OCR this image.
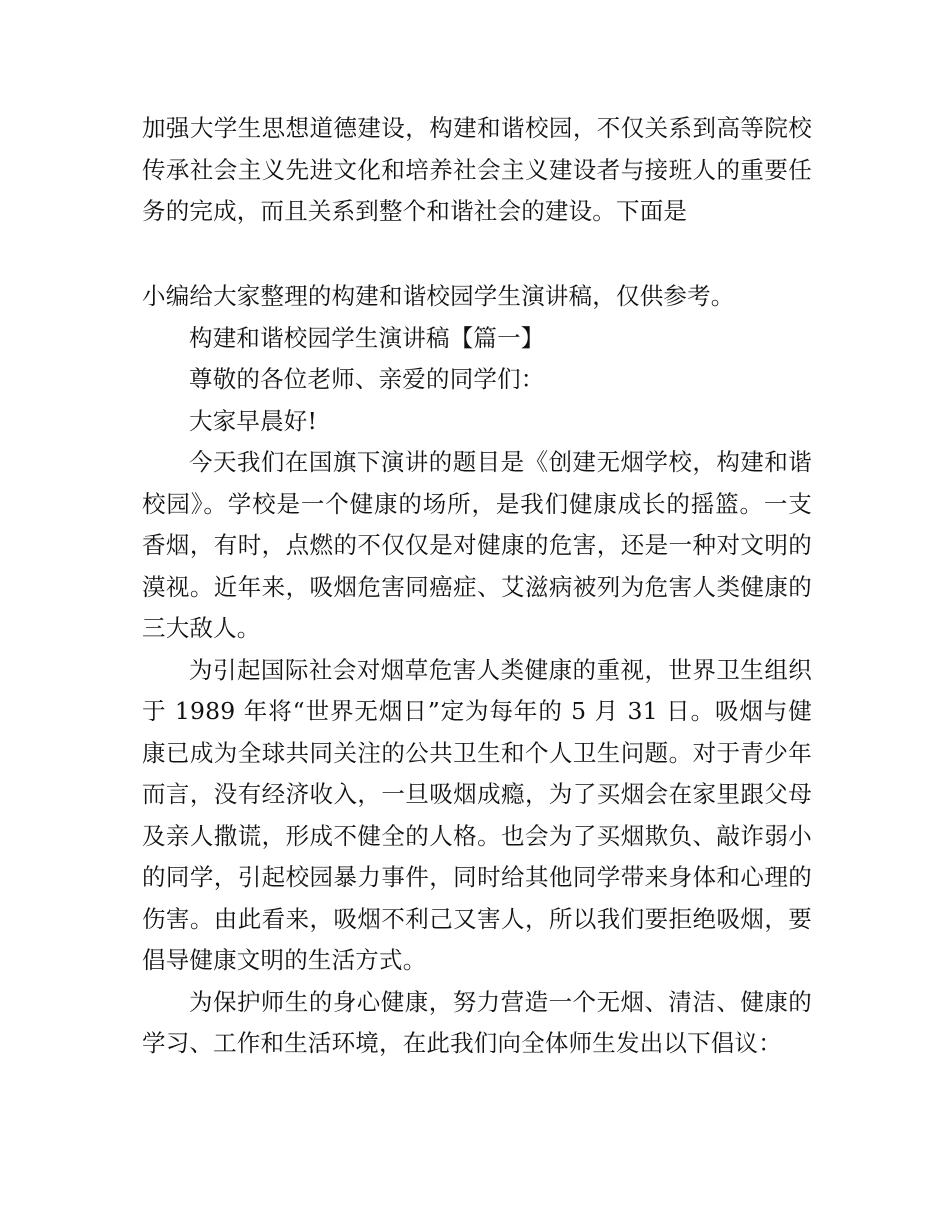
加强大学生思想道德建设，构建和谐校园，不仅关系到高等院校传承社会主义先进文化和培养社会主义建设者与接班人的重要任务的完成，而且关系到整个和谐社会的建设。下面是

小编给大家整理的构建和谐校园学生演讲稿，仅供参考。

构建和谐校园学生演讲稿【篇一】

尊敬的各位老师、亲爱的同学们：

大家早晨好!

今天我们在国旗下演讲的题目是《创建无烟学校，构建和谐校园》。学校是一个健康的场所，是我们健康成长的摇篮。一支香烟，有时，点燃的不仅仅是对健康的危害，还是一种对文明的漠视。近年来，吸烟危害同癌症、艾滋病被列为危害人类健康的三大敌人。

为引起国际社会对烟草危害人类健康的重视，世界卫生组织于 1989 年将“世界无烟日”定为每年的 5 月 31 日。吸烟与健康已成为全球共同关注的公共卫生和个人卫生问题。对于青少年而言，没有经济收入，一旦吸烟成瘾，为了买烟会在家里跟父母及亲人撒谎，形成不健全的人格。也会为了买烟欺负、敲诈弱小的同学，引起校园暴力事件，同时给其他同学带来身体和心理的伤害。由此看来，吸烟不利己又害人，所以我们要拒绝吸烟，要倡导健康文明的生活方式。

为保护师生的身心健康，努力营造一个无烟、清洁、健康的学习、工作和生活环境，在此我们向全体师生发出以下倡议：
